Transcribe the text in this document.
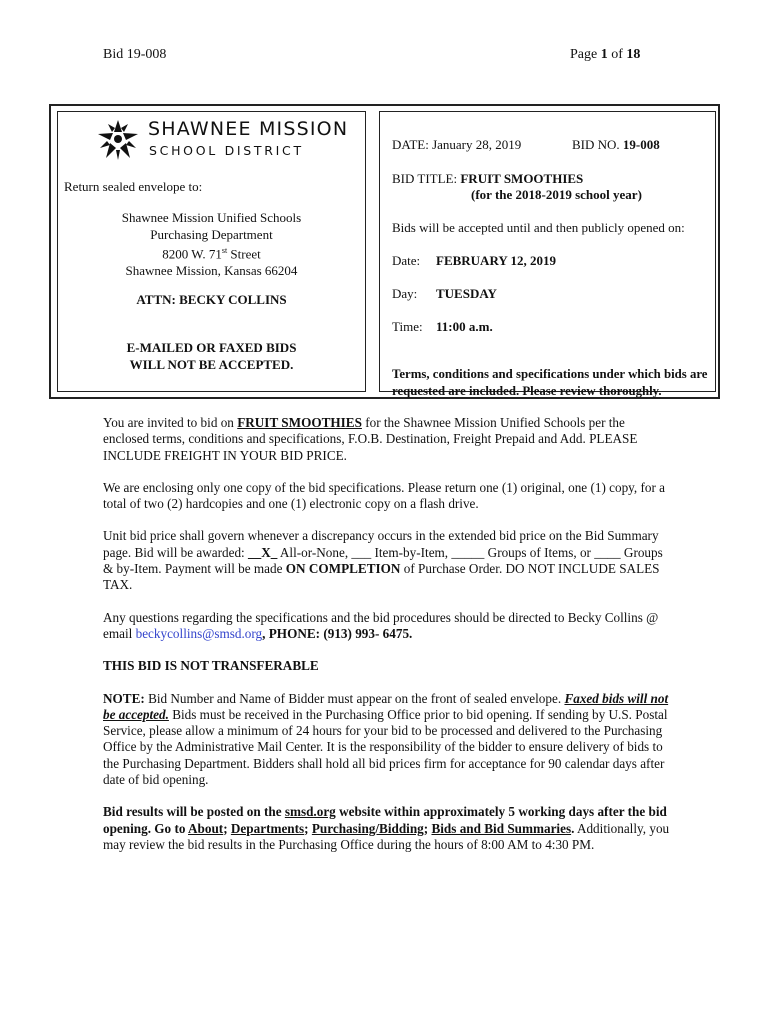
Bid 19-008	Page 1 of 18
SHAWNEE MISSION
SCHOOL DISTRICT
Return sealed envelope to:
Shawnee Mission Unified Schools
Purchasing Department
8200 W. 71st Street
Shawnee Mission, Kansas 66204
ATTN: BECKY COLLINS
E-MAILED OR FAXED BIDS
WILL NOT BE ACCEPTED.
DATE: January 28, 2019	BID NO. 19-008
BID TITLE: FRUIT SMOOTHIES
(for the 2018-2019 school year)
Bids will be accepted until and then publicly opened on:
Date: FEBRUARY 12, 2019
Day: TUESDAY
Time: 11:00 a.m.
Terms, conditions and specifications under which bids are requested are included. Please review thoroughly.

You are invited to bid on FRUIT SMOOTHIES for the Shawnee Mission Unified Schools per the enclosed terms, conditions and specifications, F.O.B. Destination, Freight Prepaid and Add. PLEASE INCLUDE FREIGHT IN YOUR BID PRICE.

We are enclosing only one copy of the bid specifications. Please return one (1) original, one (1) copy, for a total of two (2) hardcopies and one (1) electronic copy on a flash drive.

Unit bid price shall govern whenever a discrepancy occurs in the extended bid price on the Bid Summary page. Bid will be awarded: __X_ All-or-None, ___ Item-by-Item, _____ Groups of Items, or ____ Groups & by-Item. Payment will be made ON COMPLETION of Purchase Order. DO NOT INCLUDE SALES TAX.

Any questions regarding the specifications and the bid procedures should be directed to Becky Collins @ email beckycollins@smsd.org, PHONE: (913) 993- 6475.

THIS BID IS NOT TRANSFERABLE

NOTE: Bid Number and Name of Bidder must appear on the front of sealed envelope. Faxed bids will not be accepted. Bids must be received in the Purchasing Office prior to bid opening. If sending by U.S. Postal Service, please allow a minimum of 24 hours for your bid to be processed and delivered to the Purchasing Office by the Administrative Mail Center. It is the responsibility of the bidder to ensure delivery of bids to the Purchasing Department. Bidders shall hold all bid prices firm for acceptance for 90 calendar days after date of bid opening.

Bid results will be posted on the smsd.org website within approximately 5 working days after the bid opening. Go to About; Departments; Purchasing/Bidding; Bids and Bid Summaries. Additionally, you may review the bid results in the Purchasing Office during the hours of 8:00 AM to 4:30 PM.
